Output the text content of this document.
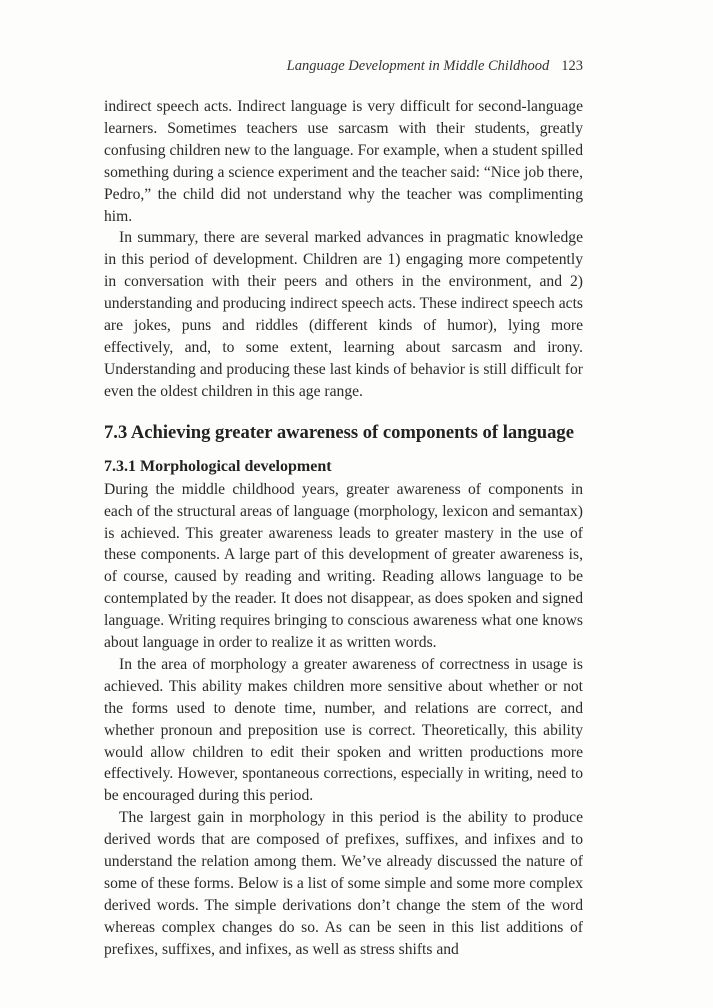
Language Development in Middle Childhood 123

indirect speech acts. Indirect language is very difficult for second-language learners. Sometimes teachers use sarcasm with their students, greatly confusing children new to the language. For example, when a student spilled something during a science experiment and the teacher said: “Nice job there, Pedro,” the child did not understand why the teacher was complimenting him.

In summary, there are several marked advances in pragmatic knowledge in this period of development. Children are 1) engaging more competently in conversation with their peers and others in the environment, and 2) understanding and producing indirect speech acts. These indirect speech acts are jokes, puns and riddles (different kinds of humor), lying more effectively, and, to some extent, learning about sarcasm and irony. Understanding and producing these last kinds of behavior is still difficult for even the oldest children in this age range.

7.3 Achieving greater awareness of components of language
7.3.1 Morphological development

During the middle childhood years, greater awareness of components in each of the structural areas of language (morphology, lexicon and semantax) is achieved. This greater awareness leads to greater mastery in the use of these components. A large part of this development of greater awareness is, of course, caused by reading and writing. Reading allows language to be contemplated by the reader. It does not disappear, as does spoken and signed language. Writing requires bringing to conscious awareness what one knows about language in order to realize it as written words.

In the area of morphology a greater awareness of correctness in usage is achieved. This ability makes children more sensitive about whether or not the forms used to denote time, number, and relations are correct, and whether pronoun and preposition use is correct. Theoretically, this ability would allow children to edit their spoken and written productions more effectively. However, spontaneous corrections, especially in writing, need to be encouraged during this period.

The largest gain in morphology in this period is the ability to produce derived words that are composed of prefixes, suffixes, and infixes and to understand the relation among them. We’ve already discussed the nature of some of these forms. Below is a list of some simple and some more complex derived words. The simple derivations don’t change the stem of the word whereas complex changes do so. As can be seen in this list additions of prefixes, suffixes, and infixes, as well as stress shifts and
